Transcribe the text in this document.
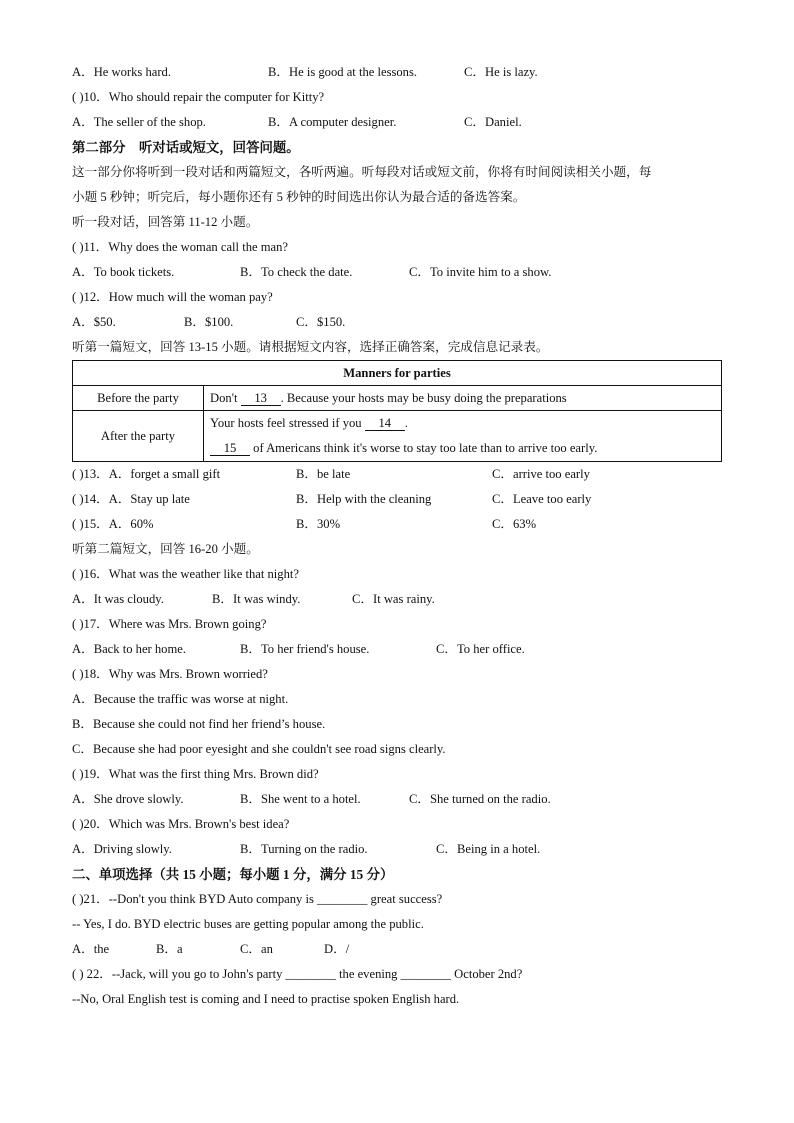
A．He works hard.	B．He is good at the lessons.	C．He is lazy.
( )10．Who should repair the computer for Kitty?
A．The seller of the shop.	B．A computer designer.	C．Daniel.
第二部分　听对话或短文，回答问题。
这一部分你将听到一段对话和两篇短文，各听两遍。听每段对话或短文前，你将有时间阅读相关小题，每
小题 5 秒钟；听完后，每小题你还有 5 秒钟的时间选出你认为最合适的备选答案。
听一段对话，回答第 11-12 小题。
( )11．Why does the woman call the man?
A．To book tickets.	B．To check the date.	C．To invite him to a show.
( )12．How much will the woman pay?
A．$50.	B．$100.	C．$150.
听第一篇短文，回答 13-15 小题。请根据短文内容，选择正确答案，完成信息记录表。
Manners for parties	
Before the party	Don't 13 . Because your hosts may be busy doing the preparations
After the party	Your hosts feel stressed if you 14 .
15 of Americans think it's worse to stay too late than to arrive too early.
( )13．A．forget a small gift	B．be late	C．arrive too early
( )14．A．Stay up late	B．Help with the cleaning	C．Leave too early
( )15．A．60%	B．30%	C．63%
听第二篇短文，回答 16-20 小题。
( )16．What was the weather like that night?
A．It was cloudy.	B．It was windy.	C．It was rainy.
( )17．Where was Mrs. Brown going?
A．Back to her home.	B．To her friend's house.	C．To her office.
( )18．Why was Mrs. Brown worried?
A．Because the traffic was worse at night.
B．Because she could not find her friend’s house.
C．Because she had poor eyesight and she couldn't see road signs clearly.
( )19．What was the first thing Mrs. Brown did?
A．She drove slowly.	B．She went to a hotel.	C．She turned on the radio.
( )20．Which was Mrs. Brown's best idea?
A．Driving slowly.	B．Turning on the radio.	C．Being in a hotel.
二、单项选择（共 15 小题；每小题 1 分，满分 15 分）
( )21．--Don't you think BYD Auto company is ________ great success?
-- Yes, I do. BYD electric buses are getting popular among the public.
A．the	B．a	C．an	D．/
( ) 22．--Jack, will you go to John's party ________ the evening ________ October 2nd?
--No, Oral English test is coming and I need to practise spoken English hard.
